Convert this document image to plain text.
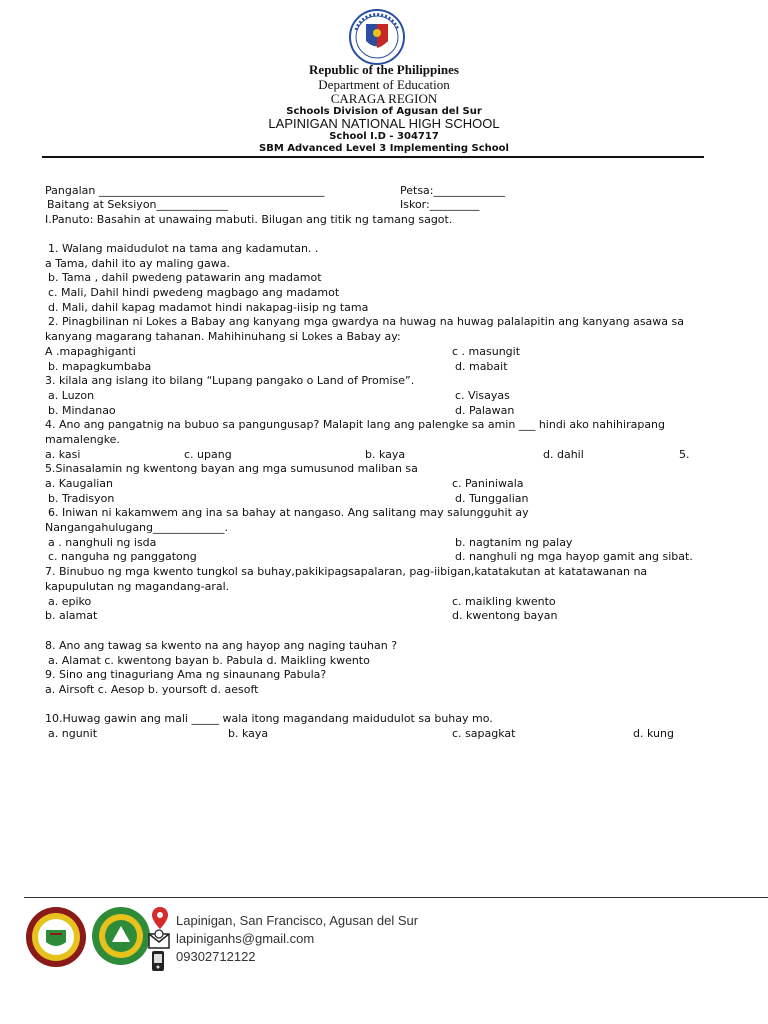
Republic of the Philippines
Department of Education
CARAGA REGION
Schools Division of Agusan del Sur
LAPINIGAN NATIONAL HIGH SCHOOL
School I.D - 304717
SBM Advanced Level 3 Implementing School
Pangalan _________________________________________	Petsa:_____________
Baitang at Seksiyon_____________	Iskor:_________
I.Panuto: Basahin at unawaing mabuti. Bilugan ang titik ng tamang sagot.
1. Walang maidudulot na tama ang kadamutan. .
a Tama, dahil ito ay maling gawa.
b. Tama , dahil pwedeng patawarin ang madamot
c. Mali, Dahil hindi pwedeng magbago ang madamot
d. Mali, dahil kapag madamot hindi nakapag-iisip ng tama
2. Pinagbilinan ni Lokes a Babay ang kanyang mga gwardya na huwag na huwag palalapitin ang kanyang asawa sa
kanyang magarang tahanan. Mahihinuhang si Lokes a Babay ay:
A .mapaghiganti	c . masungit
b. mapagkumbaba	d. mabait
3. kilala ang islang ito bilang “Lupang pangako o Land of Promise”.
a. Luzon	c. Visayas
b. Mindanao	d. Palawan
4. Ano ang pangatnig na bubuo sa pangungusap? Malapit lang ang palengke sa amin ___ hindi ako nahihirapang
mamalengke.
a. kasi	c. upang	b. kaya	d. dahil	5.
5.Sinasalamin ng kwentong bayan ang mga sumusunod maliban sa
a. Kaugalian	c. Paniniwala
b. Tradisyon	d. Tunggalian
6. Iniwan ni kakamwem ang ina sa bahay at nangaso. Ang salitang may salungguhit ay
Nangangahulugang_____________.
a . nanghuli ng isda	b. nagtanim ng palay
c. nanguha ng panggatong	d. nanghuli ng mga hayop gamit ang sibat.
7. Binubuo ng mga kwento tungkol sa buhay,pakikipagsapalaran, pag-iibigan,katatakutan at katatawanan na
kapupulutan ng magandang-aral.
a. epiko	c. maikling kwento
b. alamat	d. kwentong bayan
8. Ano ang tawag sa kwento na ang hayop ang naging tauhan ?
a. Alamat c. kwentong bayan b. Pabula d. Maikling kwento
9. Sino ang tinaguriang Ama ng sinaunang Pabula?
a. Airsoft c. Aesop b. yoursoft d. aesoft
10.Huwag gawin ang mali _____ wala itong magandang maidudulot sa buhay mo.
a. ngunit	b. kaya	c. sapagkat	d. kung
Lapinigan, San Francisco, Agusan del Sur
lapiniganhs@gmail.com
09302712122
